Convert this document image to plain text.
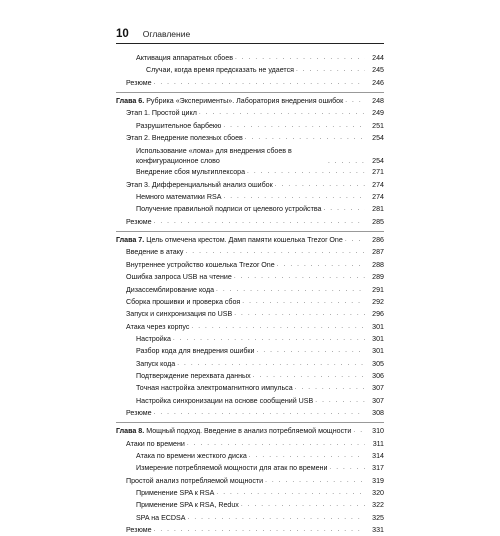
10 Оглавление
Активация аппаратных сбоев . . .	244
Случаи, когда время предсказать не удается . . .	245
Резюме . . .	246
Глава 6. Рубрика «Эксперименты». Лаборатория внедрения ошибок . . .	248
Этап 1. Простой цикл . . .	249
Разрушительное барбекю . . .	251
Этап 2. Внедрение полезных сбоев . . .	254
Использование «лома» для внедрения сбоев в конфигурационное слово . . .	254
Внедрение сбоя мультиплексора . . .	271
Этап 3. Дифференциальный анализ ошибок . . .	274
Немного математики RSA . . .	274
Получение правильной подписи от целевого устройства . . .	281
Резюме . . .	285
Глава 7. Цель отмечена крестом. Дамп памяти кошелька Trezor One . . .	286
Введение в атаку . . .	287
Внутреннее устройство кошелька Trezor One . . .	288
Ошибка запроса USB на чтение . . .	289
Дизассемблирование кода . . .	291
Сборка прошивки и проверка сбоя . . .	292
Запуск и синхронизация по USB . . .	296
Атака через корпус . . .	301
Настройка . . .	301
Разбор кода для внедрения ошибки . . .	301
Запуск кода . . .	305
Подтверждение перехвата данных . . .	306
Точная настройка электромагнитного импульса . . .	307
Настройка синхронизации на основе сообщений USB . . .	307
Резюме . . .	308
Глава 8. Мощный подход. Введение в анализ потребляемой мощности . . .	310
Атаки по времени . . .	311
Атака по времени жесткого диска . . .	314
Измерение потребляемой мощности для атак по времени . . .	317
Простой анализ потребляемой мощности . . .	319
Применение SPA к RSA . . .	320
Применение SPA к RSA, Redux . . .	322
SPA на ECDSA . . .	325
Резюме . . .	331
